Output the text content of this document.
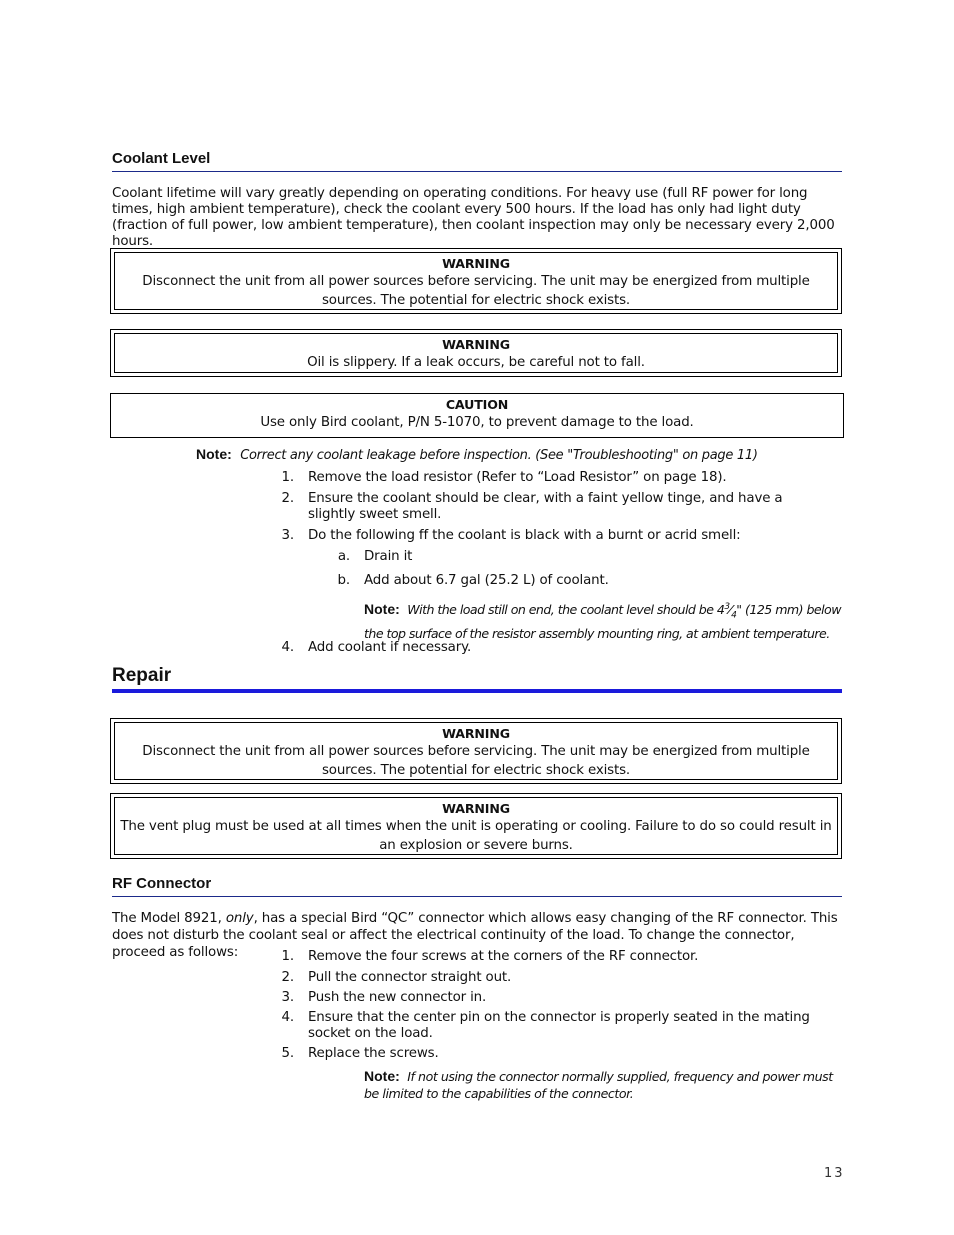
Coolant Level
Coolant lifetime will vary greatly depending on operating conditions. For heavy use (full RF power for long times, high ambient temperature), check the coolant every 500 hours. If the load has only had light duty (fraction of full power, low ambient temperature), then coolant inspection may only be necessary every 2,000 hours.
WARNING
Disconnect the unit from all power sources before servicing. The unit may be energized from multiple sources. The potential for electric shock exists.
WARNING
Oil is slippery. If a leak occurs, be careful not to fall.
CAUTION
Use only Bird coolant, P/N 5-1070, to prevent damage to the load.
Note: Correct any coolant leakage before inspection. (See "Troubleshooting" on page 11)
1. Remove the load resistor (Refer to “Load Resistor” on page 18).
2. Ensure the coolant should be clear, with a faint yellow tinge, and have a slightly sweet smell.
3. Do the following ff the coolant is black with a burnt or acrid smell:
a. Drain it
b. Add about 6.7 gal (25.2 L) of coolant.
Note: With the load still on end, the coolant level should be $4^3⁄_4$" (125 mm) below the top surface of the resistor assembly mounting ring, at ambient temperature.
4. Add coolant if necessary.
Repair
WARNING
Disconnect the unit from all power sources before servicing. The unit may be energized from multiple sources. The potential for electric shock exists.
WARNING
The vent plug must be used at all times when the unit is operating or cooling. Failure to do so could result in an explosion or severe burns.
RF Connector
The Model 8921, only, has a special Bird “QC” connector which allows easy changing of the RF connector. This does not disturb the coolant seal or affect the electrical continuity of the load. To change the connector, proceed as follows:	1. Remove the four screws at the corners of the RF connector.
2. Pull the connector straight out.
3. Push the new connector in.
4. Ensure that the center pin on the connector is properly seated in the mating socket on the load.
5. Replace the screws.
Note: If not using the connector normally supplied, frequency and power must be limited to the capabilities of the connector.
13
